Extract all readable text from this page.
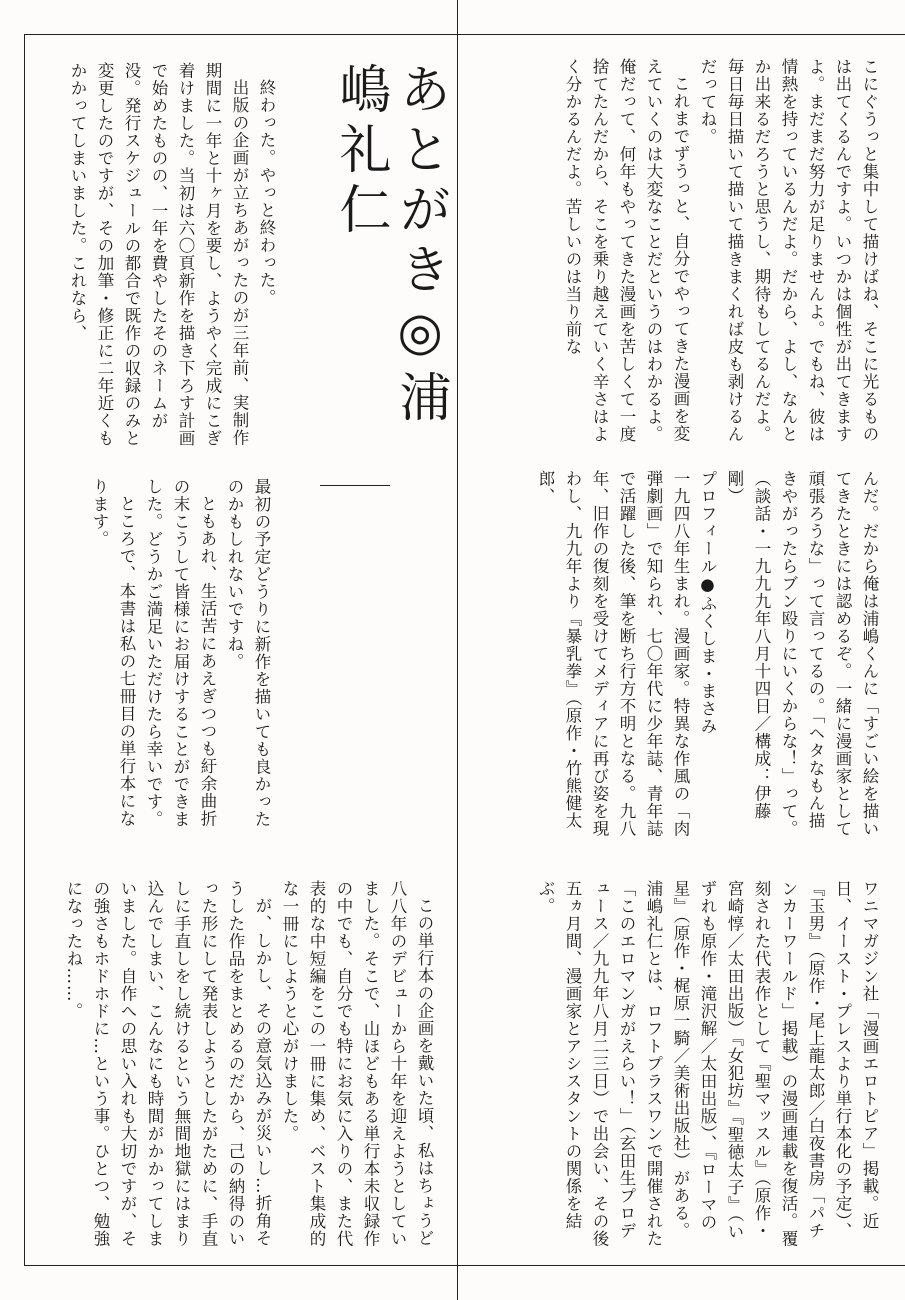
あとがき◎浦嶋礼仁

終わった。やっと終わった。

出版の企画が立ちあがったのが三年前、実制作期間に一年と十ヶ月を要し、ようやく完成にこぎ着けました。当初は六〇頁新作を描き下ろす計画で始めたものの、一年を費やしたそのネームが没。発行スケジュールの都合で既作の収録のみと変更したのですが、その加筆・修正に二年近くもかかってしまいました。これなら、

最初の予定どうりに新作を描いても良かったのかもしれないですね。

ともあれ、生活苦にあえぎつつも紆余曲折の末こうして皆様にお届けすることができました。どうかご満足いただけたら幸いです。

ところで、本書は私の七冊目の単行本になります。

この単行本の企画を戴いた頃、私はちょうど八八年のデビューから十年を迎えようとしていました。そこで、山ほどもある単行本未収録作の中でも、自分でも特にお気に入りの、また代表的な中短編をこの一冊に集め、ベスト集成的な一冊にしようと心がけました。

が、しかし、その意気込みが災いし…折角そうした作品をまとめるのだから、己の納得のいった形にして発表しようとしたがために、手直しに手直しをし続けるという無間地獄にはまり込んでしまい、こんなにも時間がかかってしまいました。自作への思い入れも大切ですが、その強さもホドホドに…という事。ひとつ、勉強になったね……。

こにぐうっと集中して描けばね、そこに光るものは出てくるんですよ。いつかは個性が出てきますよ。まだまだ努力が足りませんよ。でもね、彼は情熱を持っているんだよ。だから、よし、なんとか出来るだろうと思うし、期待もしてるんだよ。毎日毎日描いて描いて描きまくれば皮も剥けるんだってね。

これまでずうっと、自分でやってきた漫画を変えていくのは大変なことだというのはわかるよ。俺だって、何年もやってきた漫画を苦しくて一度捨てたんだから、そこを乗り越えていく辛さはよく分かるんだよ。苦しいのは当り前な

んだ。だから俺は浦嶋くんに「すごい絵を描いてきたときには認めるぞ。一緒に漫画家として頑張ろうな」って言ってるの。「ヘタなもん描きやがったらブン殴りにいくからな！」って。

（談話・一九九九年八月十四日／構成：伊藤剛）

プロフィール●ふくしま・まさみ

一九四八年生まれ。漫画家。特異な作風の「肉弾劇画」で知られ、七〇年代に少年誌、青年誌で活躍した後、筆を断ち行方不明となる。九八年、旧作の復刻を受けてメディアに再び姿を現わし、九九年より『暴乳拳』（原作・竹熊健太郎、

ワニマガジン社「漫画エロトピア」掲載。近日、イースト・プレスより単行本化の予定）、『玉男』（原作・尾上龍太郎／白夜書房「パチンカーワールド」掲載）の漫画連載を復活。覆刻された代表作として『聖マッスル』（原作・宮崎惇／太田出版）『女犯坊』『聖徳太子』（いずれも原作・滝沢解／太田出版）、『ローマの星』（原作・梶原一騎／美術出版社）がある。浦嶋礼仁とは、ロフトプラスワンで開催された「このエロマンガがえらい！」（玄田生プロデュース／九九年八月二三日）で出会い、その後五ヵ月間、漫画家とアシスタントの関係を結ぶ。
